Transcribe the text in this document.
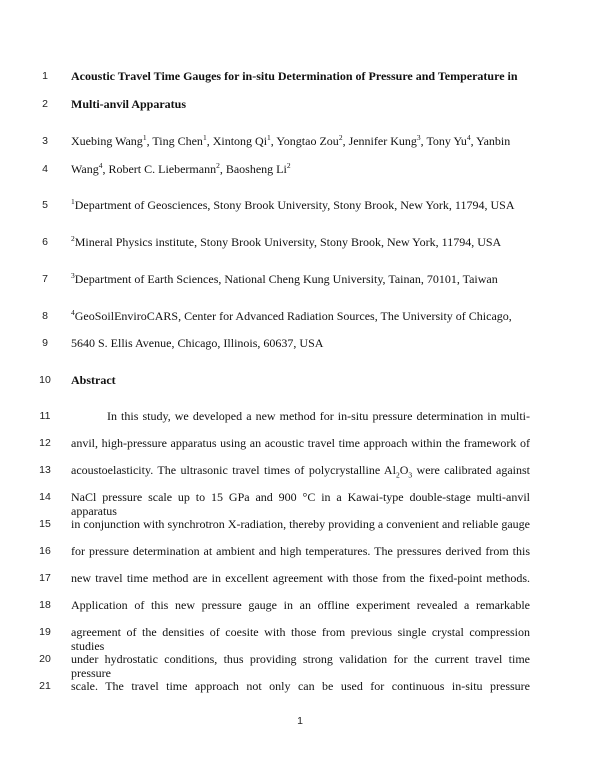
1
2
3
4
5
6
7
8
9
10
11
12
13
14
15
16
17
18
19
20
21
Acoustic Travel Time Gauges for in-situ Determination of Pressure and Temperature in
Multi-anvil Apparatus
Xuebing Wang$^1$, Ting Chen$^1$, Xintong Qi$^1$, Yongtao Zou$^2$, Jennifer Kung$^3$, Tony Yu$^4$, Yanbin
Wang$^4$, Robert C. Liebermann$^2$, Baosheng Li$^2$
$^1$Department of Geosciences, Stony Brook University, Stony Brook, New York, 11794, USA
$^2$Mineral Physics institute, Stony Brook University, Stony Brook, New York, 11794, USA
$^3$Department of Earth Sciences, National Cheng Kung University, Tainan, 70101, Taiwan
$^4$GeoSoilEnviroCARS, Center for Advanced Radiation Sources, The University of Chicago,
5640 S. Ellis Avenue, Chicago, Illinois, 60637, USA
Abstract
In this study, we developed a new method for in-situ pressure determination in multi-
anvil, high-pressure apparatus using an acoustic travel time approach within the framework of
acoustoelasticity. The ultrasonic travel times of polycrystalline $Al_2O_3$ were calibrated against
NaCl pressure scale up to 15 GPa and 900 °C in a Kawai-type double-stage multi-anvil apparatus
in conjunction with synchrotron X-radiation, thereby providing a convenient and reliable gauge
for pressure determination at ambient and high temperatures. The pressures derived from this
new travel time method are in excellent agreement with those from the fixed-point methods.
Application of this new pressure gauge in an offline experiment revealed a remarkable
agreement of the densities of coesite with those from previous single crystal compression studies
under hydrostatic conditions, thus providing strong validation for the current travel time pressure
scale. The travel time approach not only can be used for continuous in-situ pressure
1
